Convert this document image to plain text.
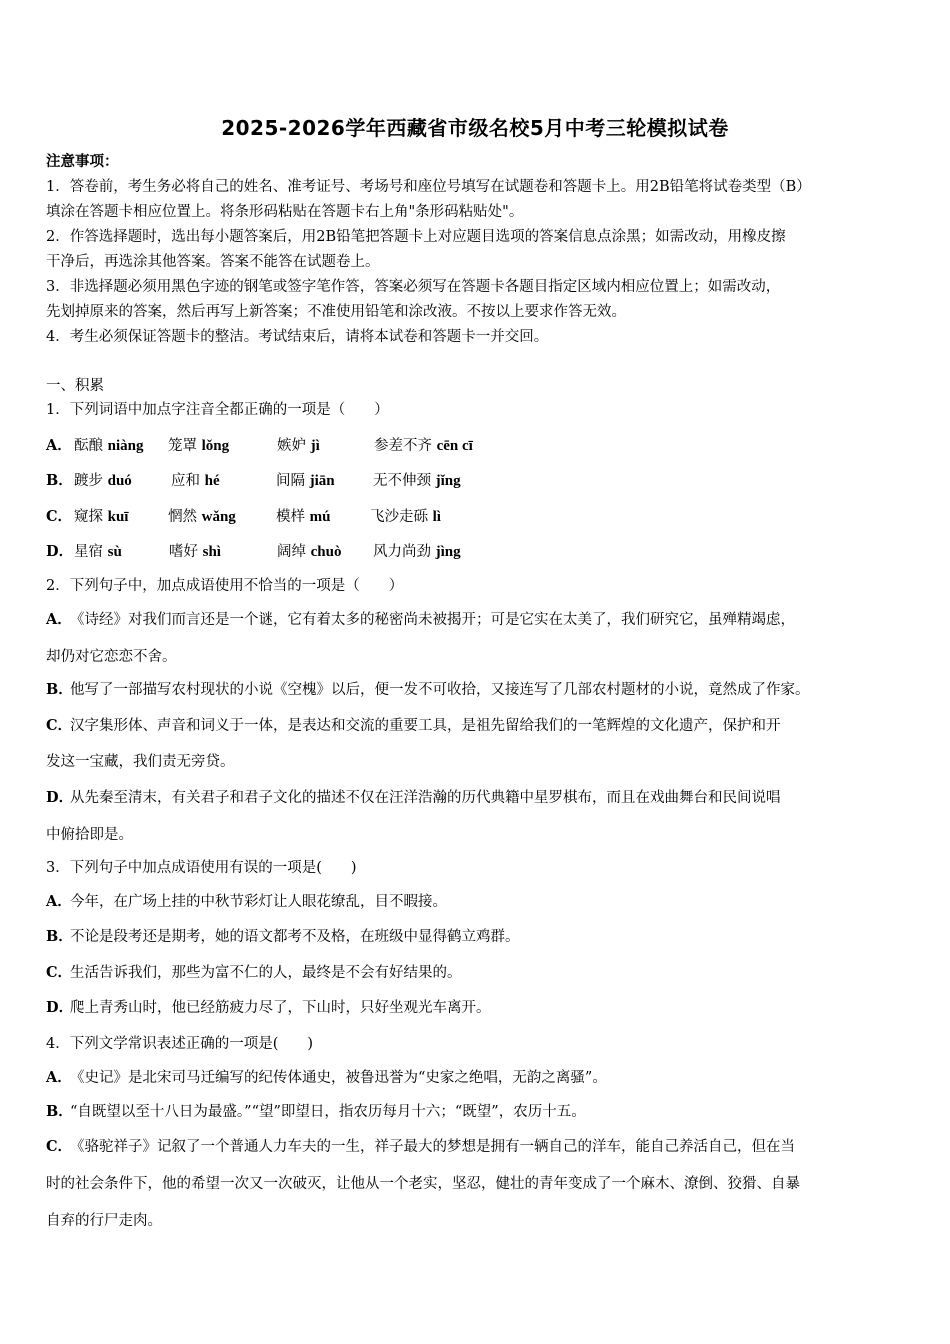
2025-2026学年西藏省市级名校5月中考三轮模拟试卷
注意事项：
1．答卷前，考生务必将自己的姓名、准考证号、考场号和座位号填写在试题卷和答题卡上。用2B铅笔将试卷类型（B）
填涂在答题卡相应位置上。将条形码粘贴在答题卡右上角"条形码粘贴处"。
2．作答选择题时，选出每小题答案后，用2B铅笔把答题卡上对应题目选项的答案信息点涂黑；如需改动，用橡皮擦
干净后，再选涂其他答案。答案不能答在试题卷上。
3．非选择题必须用黑色字迹的钢笔或签字笔作答，答案必须写在答题卡各题目指定区域内相应位置上；如需改动，
先划掉原来的答案，然后再写上新答案；不准使用铅笔和涂改液。不按以上要求作答无效。
4．考生必须保证答题卡的整洁。考试结束后，请将本试卷和答题卡一并交回。
一、积累
1．下列词语中加点字注音全都正确的一项是（　　）
A． 酝酿 niàng 笼罩 lǒng	嫉妒 jì	参差不齐 cēn cī
B． 踱步 duó	应和 hé	间隔 jiān	无不伸颈 jǐng
C． 窥探 kuī	惘然 wǎng	模样 mú	飞沙走砾 lì
D． 星宿 sù	嗜好 shì	阔绰 chuò 风力尚劲 jìng
2．下列句子中，加点成语使用不恰当的一项是（　　）
A．《诗经》对我们而言还是一个谜，它有着太多的秘密尚未被揭开；可是它实在太美了，我们研究它，虽殚精竭虑，
却仍对它恋恋不舍。
B．他写了一部描写农村现状的小说《空槐》以后，便一发不可收拾，又接连写了几部农村题材的小说，竟然成了作家。
C．汉字集形体、声音和词义于一体，是表达和交流的重要工具，是祖先留给我们的一笔辉煌的文化遗产，保护和开
发这一宝藏，我们责无旁贷。
D．从先秦至清末，有关君子和君子文化的描述不仅在汪洋浩瀚的历代典籍中星罗棋布，而且在戏曲舞台和民间说唱
中俯拾即是。
3．下列句子中加点成语使用有误的一项是(　　)
A．今年，在广场上挂的中秋节彩灯让人眼花缭乱，目不暇接。
B．不论是段考还是期考，她的语文都考不及格，在班级中显得鹤立鸡群。
C．生活告诉我们，那些为富不仁的人，最终是不会有好结果的。
D．爬上青秀山时，他已经筋疲力尽了，下山时，只好坐观光车离开。
4．下列文学常识表述正确的一项是(　　)
A．《史记》是北宋司马迁编写的纪传体通史，被鲁迅誉为“史家之绝唱，无韵之离骚”。
B．“自既望以至十八日为最盛。”“望”即望日，指农历每月十六；“既望”，农历十五。
C．《骆驼祥子》记叙了一个普通人力车夫的一生，祥子最大的梦想是拥有一辆自己的洋车，能自己养活自己，但在当
时的社会条件下，他的希望一次又一次破灭，让他从一个老实，坚忍，健壮的青年变成了一个麻木、潦倒、狡猾、自暴
自弃的行尸走肉。
